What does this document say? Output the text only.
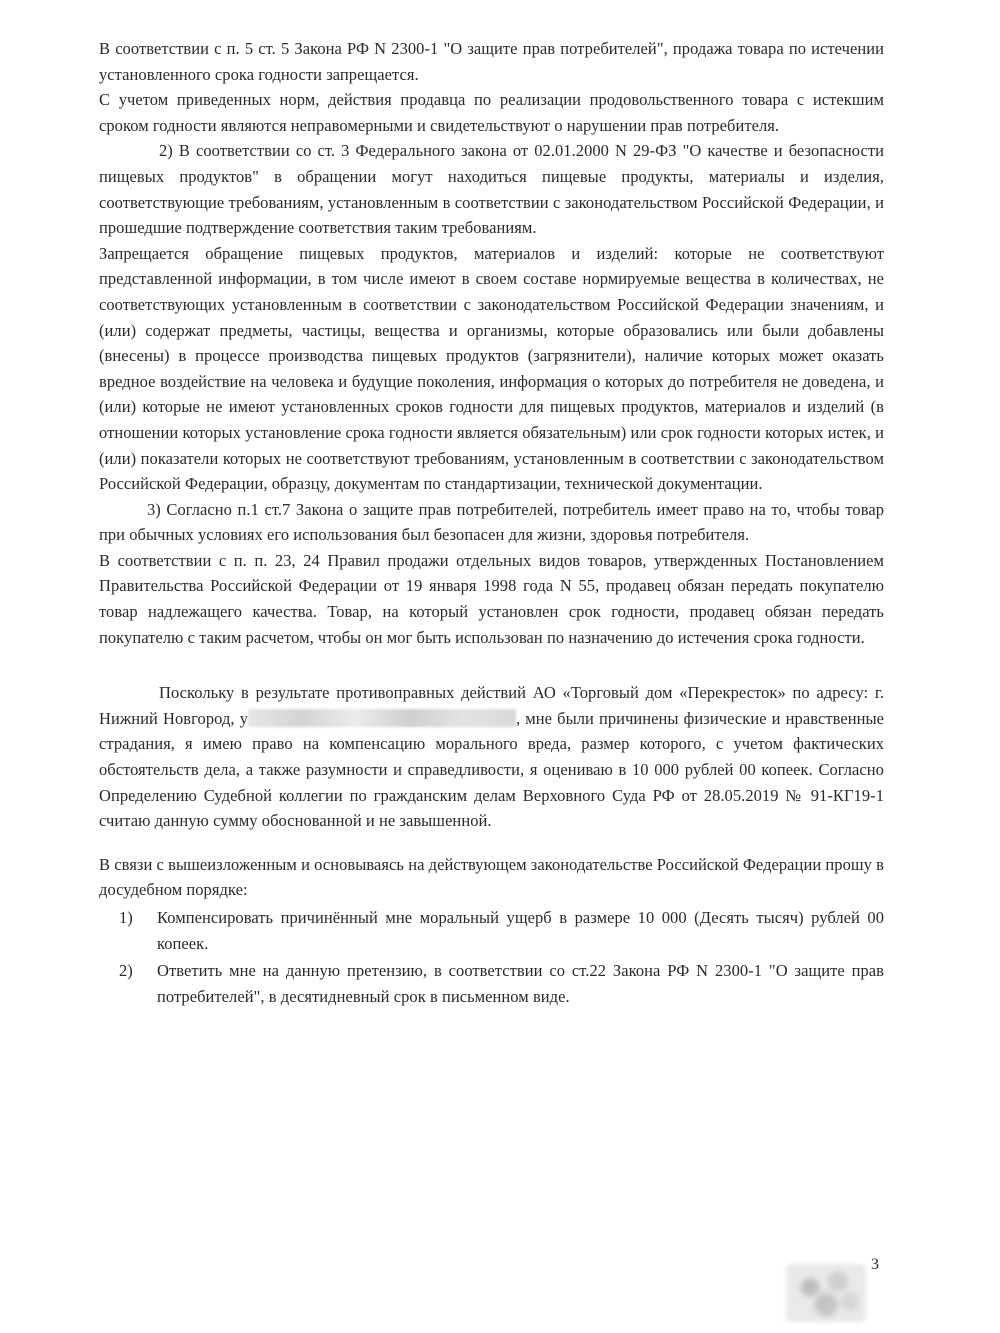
В соответствии с п. 5 ст. 5 Закона РФ N 2300-1 "О защите прав потребителей", продажа товара по истечении установленного срока годности запрещается.

С учетом приведенных норм, действия продавца по реализации продовольственного товара с истекшим сроком годности являются неправомерными и свидетельствуют о нарушении прав потребителя.

2) В соответствии со ст. 3 Федерального закона от 02.01.2000 N 29-ФЗ "О качестве и безопасности пищевых продуктов" в обращении могут находиться пищевые продукты, материалы и изделия, соответствующие требованиям, установленным в соответствии с законодательством Российской Федерации, и прошедшие подтверждение соответствия таким требованиям.

Запрещается обращение пищевых продуктов, материалов и изделий: которые не соответствуют представленной информации, в том числе имеют в своем составе нормируемые вещества в количествах, не соответствующих установленным в соответствии с законодательством Российской Федерации значениям, и (или) содержат предметы, частицы, вещества и организмы, которые образовались или были добавлены (внесены) в процессе производства пищевых продуктов (загрязнители), наличие которых может оказать вредное воздействие на человека и будущие поколения, информация о которых до потребителя не доведена, и (или) которые не имеют установленных сроков годности для пищевых продуктов, материалов и изделий (в отношении которых установление срока годности является обязательным) или срок годности которых истек, и (или) показатели которых не соответствуют требованиям, установленным в соответствии с законодательством Российской Федерации, образцу, документам по стандартизации, технической документации.

3) Согласно п.1 ст.7 Закона о защите прав потребителей, потребитель имеет право на то, чтобы товар при обычных условиях его использования был безопасен для жизни, здоровья потребителя.

В соответствии с п. п. 23, 24 Правил продажи отдельных видов товаров, утвержденных Постановлением Правительства Российской Федерации от 19 января 1998 года N 55, продавец обязан передать покупателю товар надлежащего качества. Товар, на который установлен срок годности, продавец обязан передать покупателю с таким расчетом, чтобы он мог быть использован по назначению до истечения срока годности.

Поскольку в результате противоправных действий АО «Торговый дом «Перекресток» по адресу: г. Нижний Новгород, у	, мне были причинены физические и нравственные страдания, я имею право на компенсацию морального вреда, размер которого, с учетом фактических обстоятельств дела, а также разумности и справедливости, я оцениваю в 10 000 рублей 00 копеек. Согласно Определению Судебной коллегии по гражданским делам Верховного Суда РФ от 28.05.2019 № 91-КГ19-1 считаю данную сумму обоснованной и не завышенной.

В связи с вышеизложенным и основываясь на действующем законодательстве Российской Федерации прошу в досудебном порядке:

1) Компенсировать причинённый мне моральный ущерб в размере 10 000 (Десять тысяч) рублей 00 копеек.
2) Ответить мне на данную претензию, в соответствии со ст.22 Закона РФ N 2300-1 "О защите прав потребителей", в десятидневный срок в письменном виде.
3
